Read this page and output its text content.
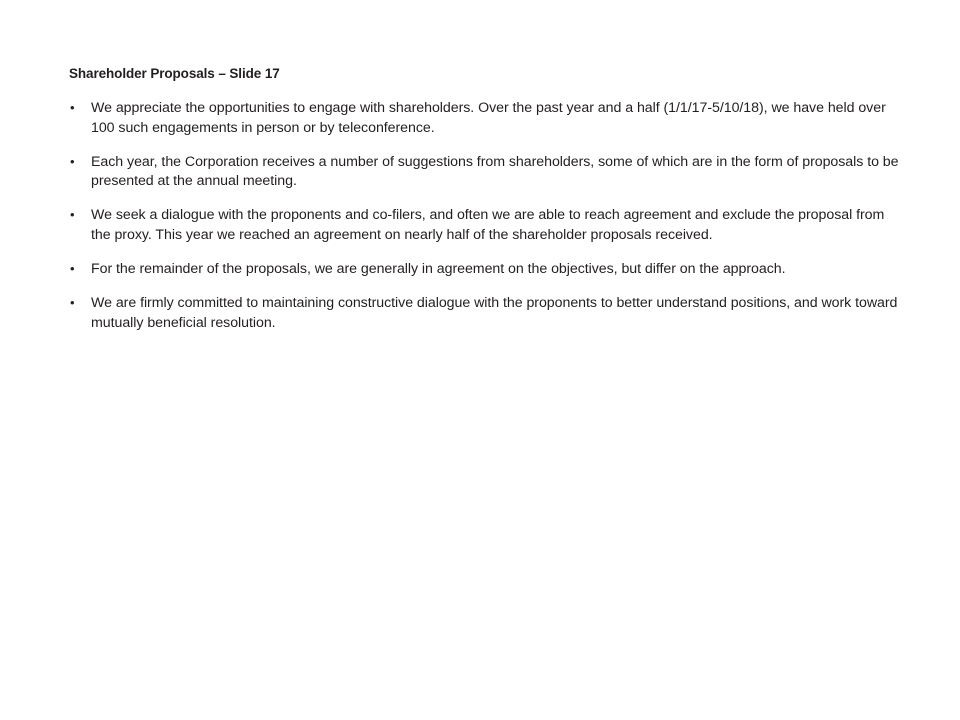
Shareholder Proposals – Slide 17
• We appreciate the opportunities to engage with shareholders. Over the past year and a half (1/1/17-5/10/18), we have held over 100 such engagements in person or by teleconference.
• Each year, the Corporation receives a number of suggestions from shareholders, some of which are in the form of proposals to be presented at the annual meeting.
• We seek a dialogue with the proponents and co-filers, and often we are able to reach agreement and exclude the proposal from the proxy. This year we reached an agreement on nearly half of the shareholder proposals received.
• For the remainder of the proposals, we are generally in agreement on the objectives, but differ on the approach.
• We are firmly committed to maintaining constructive dialogue with the proponents to better understand positions, and work toward mutually beneficial resolution.
